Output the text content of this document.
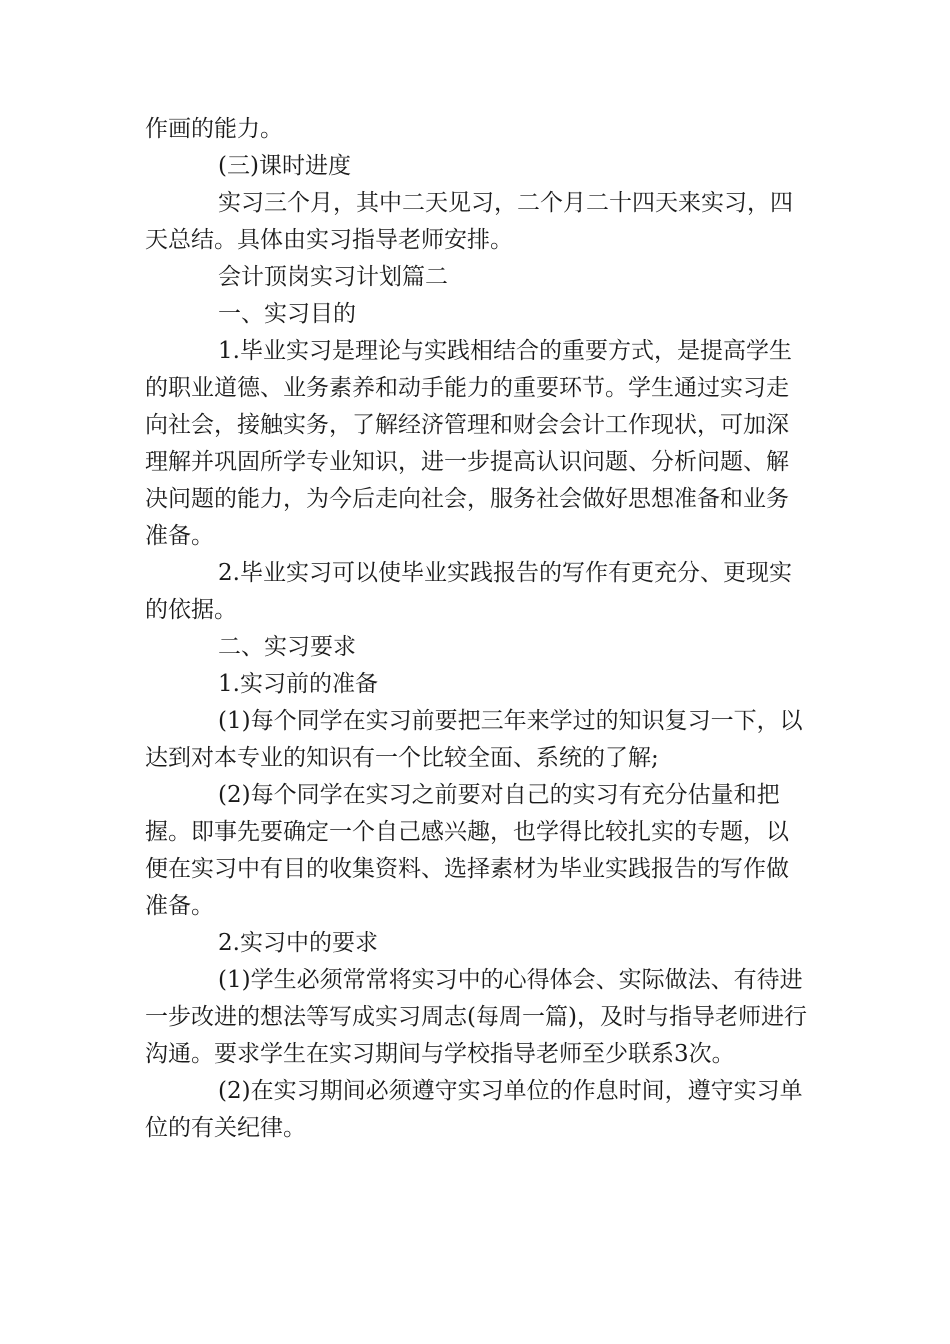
作画的能力。

(三)课时进度

实习三个月，其中二天见习，二个月二十四天来实习，四天总结。具体由实习指导老师安排。

会计顶岗实习计划篇二

一、实习目的

1.毕业实习是理论与实践相结合的重要方式，是提高学生的职业道德、业务素养和动手能力的重要环节。学生通过实习走向社会，接触实务，了解经济管理和财会会计工作现状，可加深理解并巩固所学专业知识，进一步提高认识问题、分析问题、解决问题的能力，为今后走向社会，服务社会做好思想准备和业务准备。

2.毕业实习可以使毕业实践报告的写作有更充分、更现实的依据。

二、实习要求

1.实习前的准备

(1)每个同学在实习前要把三年来学过的知识复习一下，以达到对本专业的知识有一个比较全面、系统的了解;

(2)每个同学在实习之前要对自己的实习有充分估量和把握。即事先要确定一个自己感兴趣，也学得比较扎实的专题，以便在实习中有目的收集资料、选择素材为毕业实践报告的写作做准备。

2.实习中的要求

(1)学生必须常常将实习中的心得体会、实际做法、有待进一步改进的想法等写成实习周志(每周一篇)，及时与指导老师进行沟通。要求学生在实习期间与学校指导老师至少联系3次。

(2)在实习期间必须遵守实习单位的作息时间，遵守实习单位的有关纪律。
